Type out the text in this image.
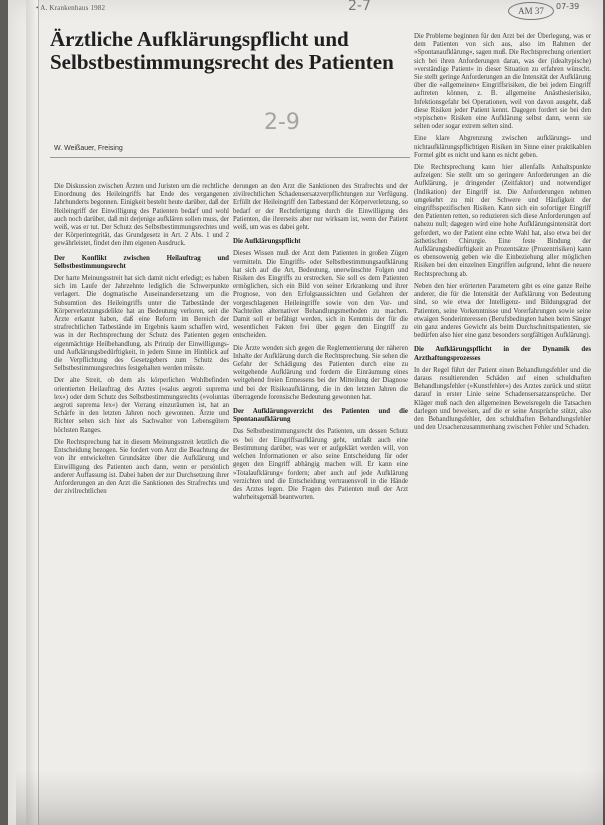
• A. Krankenhaus 1982	2-7	AM 37	07-39
Ärztliche Aufklärungspflicht und Selbstbestimmungsrecht des Patienten
2-9
W. Weißauer, Freising

Die Diskussion zwischen Ärzten und Juristen um die rechtliche Einordnung des Heileingriffs hat Ende des vergangenen Jahrhunderts begonnen. Einigkeit besteht heute darüber, daß der Heileingriff der Einwilligung des Patienten bedarf und wohl auch noch darüber, daß mit derjenige aufklären sollen muss, der weiß, was er tut. Der Schutz des Selbstbestimmungsrechtes und der Körperintegrität, das Grundgesetz in Art. 2 Abs. 1 und 2 gewährleistet, findet den ihm eigenen Ausdruck.

Der Konflikt zwischen Heilauftrag und Selbstbestimmungsrecht

Der harte Meinungsstreit hat sich damit nicht erledigt; es haben sich im Laufe der Jahrzehnte lediglich die Schwerpunkte verlagert. Die dogmatische Auseinandersetzung um die Subsumtion des Heileingriffs unter die Tatbestände der Körperverletzungsdelikte hat an Bedeutung verloren, seit die Ärzte erkannt haben, daß eine Reform im Bereich der strafrechtlichen Tatbestände im Ergebnis kaum schaffen wird, was in der Rechtsprechung der Schutz des Patienten gegen eigenmächtige Heilbehandlung, als Prinzip der Einwilligungs- und Aufklärungsbedürftigkeit, in jedem Sinne im Hinblick auf die Verpflichtung des Gesetzgebers zum Schutz des Selbstbestimmungsrechtes festgehalten werden müsste.

Der alte Streit, ob dem als körperlichen Wohlbefinden orientierten Heilauftrag des Arztes (»salus aegroti suprema lex«) oder dem Schutz des Selbstbestimmungsrechts (»voluntas aegroti suprema lex«) der Vorrang einzuräumen ist, hat an Schärfe in den letzten Jahren noch gewonnen. Ärzte und Richter sehen sich hier als Sachwalter von Lebensgütern höchsten Ranges.

Die Rechtsprechung hat in diesem Meinungsstreit letztlich die Entscheidung bezogen. Sie fordert vom Arzt die Beachtung der von ihr entwickelten Grundsätze über die Aufklärung und Einwilligung des Patienten auch dann, wenn er persönlich anderer Auffassung ist. Dabei haben der zur Durchsetzung ihrer Anforderungen an den Arzt die Sanktionen des Strafrechts und der zivilrechtlichen

derungen an den Arzt die Sanktionen des Strafrechts und der zivilrechtlichen Schadensersatzverpflichtungen zur Verfügung. Erfüllt der Heileingriff den Tatbestand der Körperverletzung, so bedarf er der Rechtfertigung durch die Einwilligung des Patienten, die ihrerseits aber nur wirksam ist, wenn der Patient weiß, um was es dabei geht.

Die Aufklärungspflicht

Dieses Wissen muß der Arzt dem Patienten in großen Zügen vermitteln. Die Eingriffs- oder Selbstbestimmungsaufklärung hat sich auf die Art, Bedeutung, unerwünschte Folgen und Risiken des Eingriffs zu erstrecken. Sie soll es dem Patienten ermöglichen, sich ein Bild von seiner Erkrankung und ihrer Prognose, von den Erfolgsaussichten und Gefahren der vorgeschlagenen Heileingriffe sowie von den Vor- und Nachteilen alternativer Behandlungsmethoden zu machen. Damit soll er befähigt werden, sich in Kenntnis der für die wesentlichen Fakten frei über gegen den Eingriff zu entscheiden.

Die Ärzte wenden sich gegen die Reglementierung der näheren Inhalte der Aufklärung durch die Rechtsprechung. Sie sehen die Gefahr der Schädigung des Patienten durch eine zu weitgehende Aufklärung und fordern die Einräumung eines weitgehend freien Ermessens bei der Mitteilung der Diagnose und bei der Risikoaufklärung, die in den letzten Jahren die überragende forensische Bedeutung gewonnen hat.

Der Aufklärungsverzicht des Patienten und die Spontanaufklärung

Das Selbstbestimmungsrecht des Patienten, um dessen Schutz es bei der Eingriffsaufklärung geht, umfaßt auch eine Bestimmung darüber, was wer er aufgeklärt werden will, von welchen Informationen er also seine Entscheidung für oder gegen den Eingriff abhängig machen will. Er kann eine »Totalaufklärung« fordern; aber auch auf jede Aufklärung verzichten und die Entscheidung vertrauensvoll in die Hände des Arztes legen. Die Fragen des Patienten muß der Arzt wahrheitsgemäß beantworten.

Die Probleme beginnen für den Arzt bei der Überlegung, was er dem Patienten von sich aus, also im Rahmen der »Spontanaufklärung«, sagen muß. Die Rechtsprechung orientiert sich bei ihren Anforderungen daran, was der (idealtypische) »verständige Patient« in dieser Situation zu erfahren wünscht. Sie stellt geringe Anforderungen an die Intensität der Aufklärung über die »allgemeinen« Eingriffsrisiken, die bei jedem Eingriff auftreten können, z. B. allgemeine Anästhesierisiko, Infektionsgefahr bei Operationen, weil von davon ausgeht, daß diese Risiken jeder Patient kennt. Dagegen fordert sie bei den »typischen« Risiken eine Aufklärung selbst dann, wenn sie selten oder sogar extrem selten sind.

Eine klare Abgrenzung zwischen aufklärungs- und nichtaufklärungspflichtigen Risiken im Sinne einer praktikablen Formel gibt es nicht und kann es nicht geben.

Die Rechtsprechung kann hier allenfalls Anhaltspunkte aufzeigen: Sie stellt um so geringere Anforderungen an die Aufklärung, je dringender (Zeitfaktor) und notwendiger (Indikation) der Eingriff ist. Die Anforderungen nehmen umgekehrt zu mit der Schwere und Häufigkeit der eingriffsspezifischen Risiken. Kann sich ein sofortiger Eingriff den Patienten retten, so reduzieren sich diese Anforderungen auf nahezu null; dagegen wird eine hohe Aufklärungsintensität dort gefordert, wo der Patient eine echte Wahl hat, also etwa bei der ästhetischen Chirurgie. Eine feste Bindung der Aufklärungsbedürftigkeit an Prozentsätze (Prozentrisiken) kann es ebensowenig geben wie die Einbeziehung aller möglichen Risiken bei den einzelnen Eingriffen aufgrund, lehnt die neuere Rechtsprechung ab.

Neben den hier erörterten Parametern gibt es eine ganze Reihe anderer, die für die Intensität der Aufklärung von Bedeutung sind, so wie etwa der Intelligenz- und Bildungsgrad der Patienten, seine Vorkenntnisse und Vorerfahrungen sowie seine etwaigen Sonderinteressen (Berufsbedingten haben beim Sänger ein ganz anderes Gewicht als beim Durchschnittspatienten, sie bedürfen also hier eine ganz besonders sorgfältigen Aufklärung).

Die Aufklärungspflicht in der Dynamik des Arzthaftungsprozesses

In der Regel führt der Patient einen Behandlungsfehler und die daraus resultierenden Schäden auf einen schuldhaften Behandlungsfehler (»Kunstfehler«) des Arztes zurück und stützt darauf in erster Linie seine Schadensersatzansprüche. Der Kläger muß nach den allgemeinen Beweisregeln die Tatsachen darlegen und beweisen, auf die er seine Ansprüche stützt, also den Behandlungsfehler, den schuldhaften Behandlungsfehler und den Ursachenzusammenhang zwischen Fehler und Schaden.
